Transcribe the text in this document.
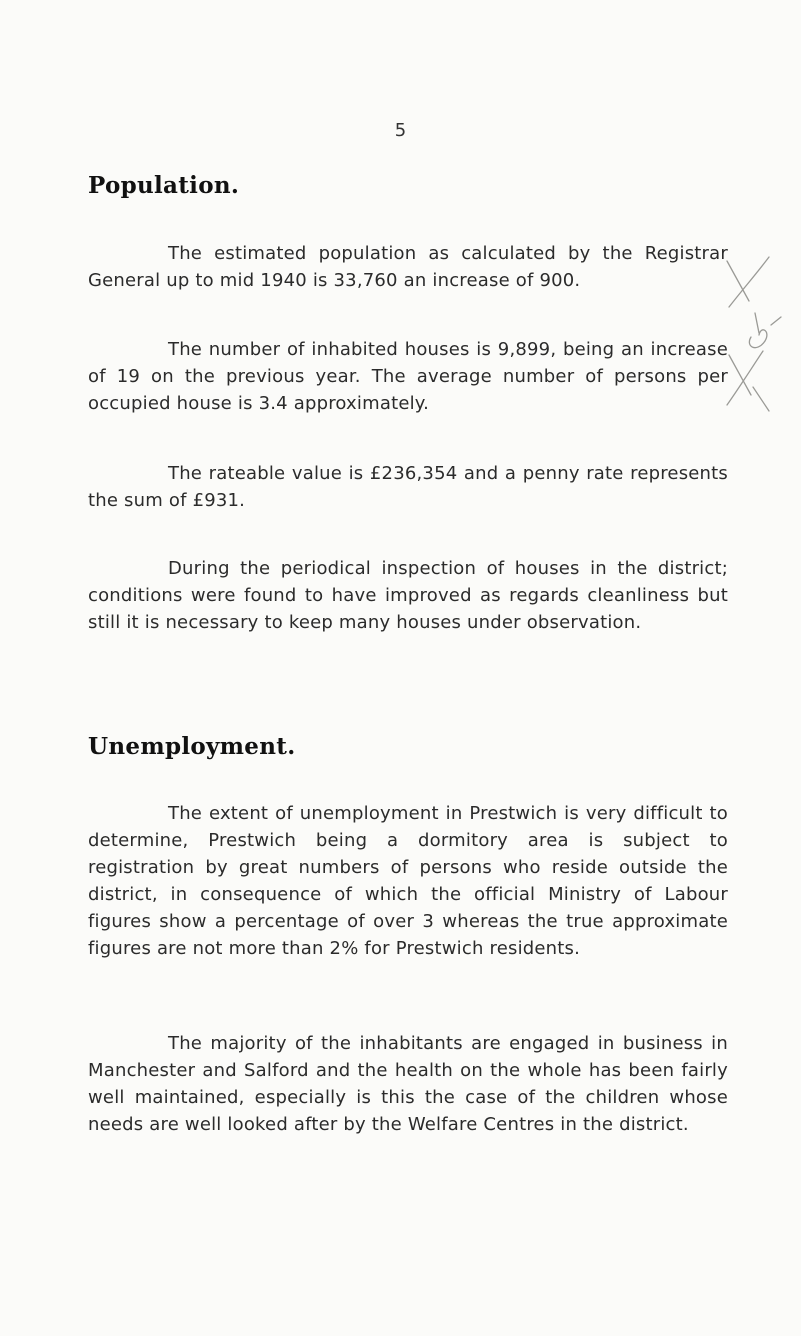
5
Population.

The estimated population as calculated by the Registrar General up to mid 1940 is 33,760 an increase of 900.

The number of inhabited houses is 9,899, being an increase of 19 on the previous year. The average number of persons per occupied house is 3.4 approximately.

The rateable value is £236,354 and a penny rate represents the sum of £931.

During the periodical inspection of houses in the district; conditions were found to have improved as regards cleanliness but still it is necessary to keep many houses under observation.

Unemployment.

The extent of unemployment in Prestwich is very difficult to determine, Prestwich being a dormitory area is subject to registration by great numbers of persons who reside outside the district, in consequence of which the official Ministry of Labour figures show a percentage of over 3 whereas the true approximate figures are not more than 2% for Prestwich residents.

The majority of the inhabitants are engaged in business in Manchester and Salford and the health on the whole has been fairly well maintained, especially is this the case of the children whose needs are well looked after by the Welfare Centres in the district.
